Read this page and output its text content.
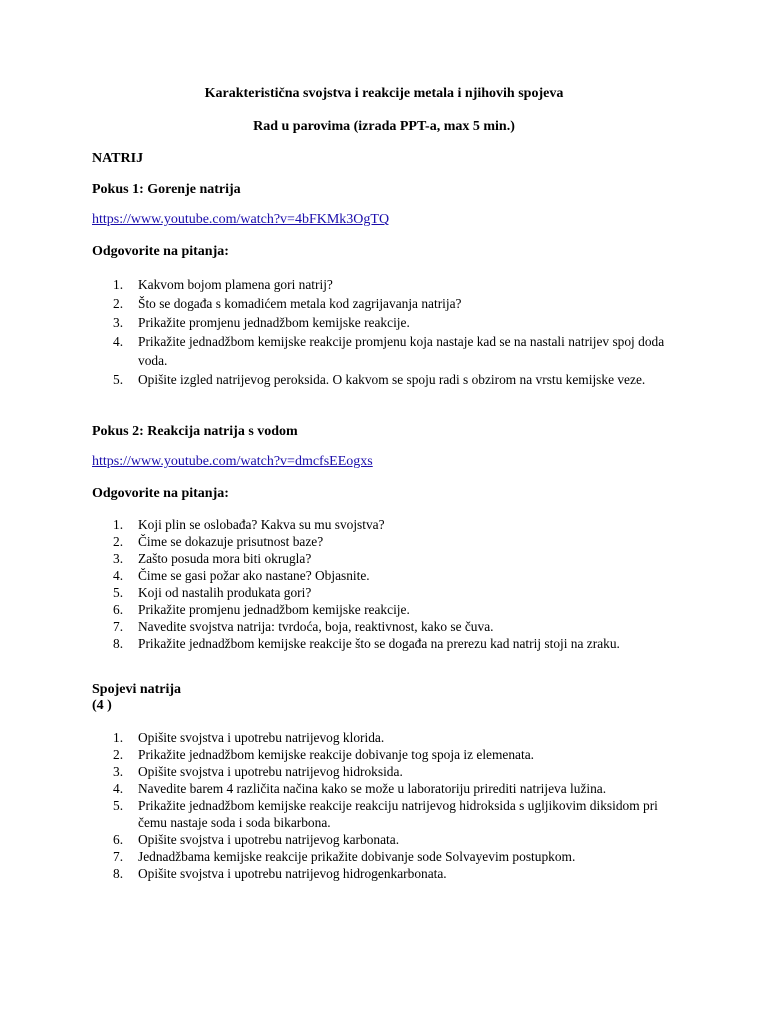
Karakteristična svojstva i reakcije metala i njihovih spojeva
Rad u parovima (izrada PPT-a, max 5 min.)
NATRIJ
Pokus 1: Gorenje natrija
https://www.youtube.com/watch?v=4bFKMk3OgTQ
Odgovorite na pitanja:
1. Kakvom bojom plamena gori natrij?
2. Što se događa s komadićem metala kod zagrijavanja natrija?
3. Prikažite promjenu jednadžbom kemijske reakcije.
4. Prikažite jednadžbom kemijske reakcije promjenu koja nastaje kad se na nastali natrijev spoj doda voda.
5. Opišite izgled natrijevog peroksida. O kakvom se spoju radi s obzirom na vrstu kemijske veze.
Pokus 2: Reakcija natrija s vodom
https://www.youtube.com/watch?v=dmcfsEEogxs
Odgovorite na pitanja:
1. Koji plin se oslobađa? Kakva su mu svojstva?
2. Čime se dokazuje prisutnost baze?
3. Zašto posuda mora biti okrugla?
4. Čime se gasi požar ako nastane? Objasnite.
5. Koji od nastalih produkata gori?
6. Prikažite promjenu jednadžbom kemijske reakcije.
7. Navedite svojstva natrija: tvrdoća, boja, reaktivnost, kako se čuva.
8. Prikažite jednadžbom kemijske reakcije što se događa na prerezu kad natrij stoji na zraku.
Spojevi natrija
(4 )
1. Opišite svojstva i upotrebu natrijevog klorida.
2. Prikažite jednadžbom kemijske reakcije dobivanje tog spoja iz elemenata.
3. Opišite svojstva i upotrebu natrijevog hidroksida.
4. Navedite barem 4 različita načina kako se može u laboratoriju prirediti natrijeva lužina.
5. Prikažite jednadžbom kemijske reakcije reakciju natrijevog hidroksida s ugljikovim diksidom pri čemu nastaje soda i soda bikarbona.
6. Opišite svojstva i upotrebu natrijevog karbonata.
7. Jednadžbama kemijske reakcije prikažite dobivanje sode Solvayevim postupkom.
8. Opišite svojstva i upotrebu natrijevog hidrogenkarbonata.
